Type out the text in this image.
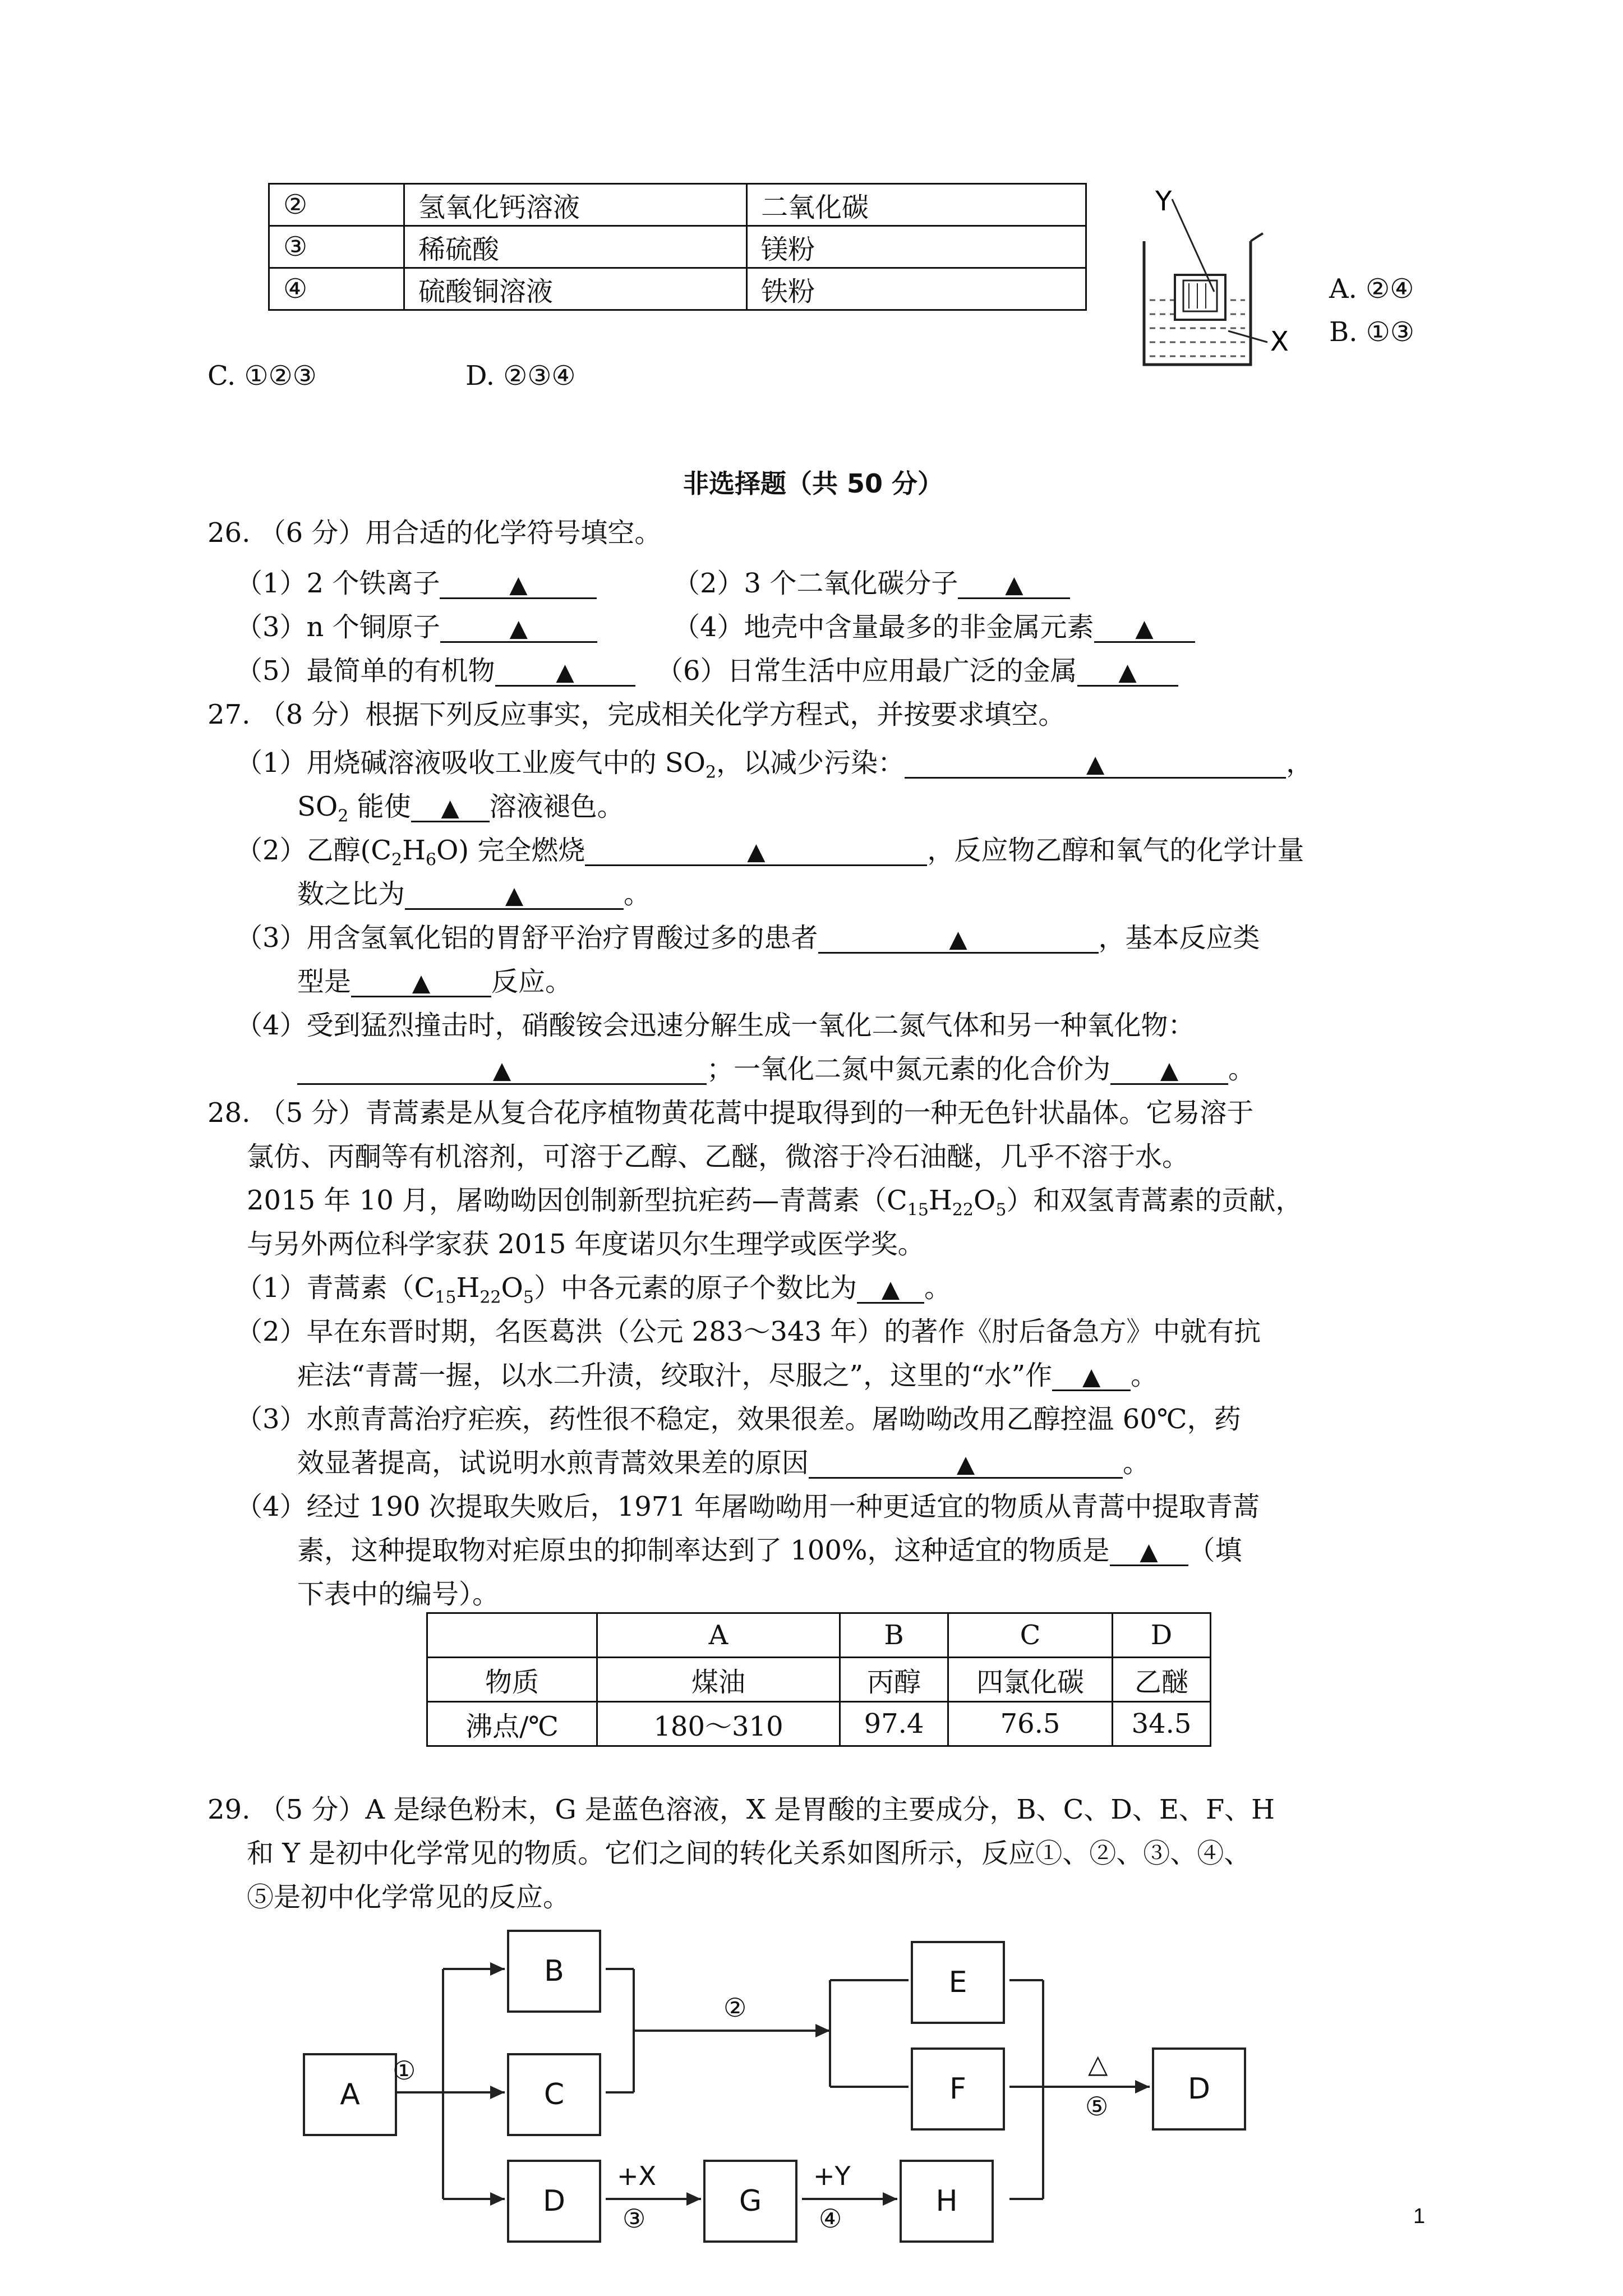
②	氢氧化钙溶液	二氧化碳
③	稀硫酸	镁粉
④	硫酸铜溶液	铁粉
Y
X
A. ②④
B. ①③
C. ①②③	D. ②③④
非选择题（共 50 分）
26. （6 分）用合适的化学符号填空。
（1）2 个铁离子	▲	（2）3 个二氧化碳分子 ▲
（3）n 个铜原子	▲	（4）地壳中含量最多的非金属元素 ▲
（5）最简单的有机物	▲	（6）日常生活中应用最广泛的金属 ▲
27. （8 分）根据下列反应事实，完成相关化学方程式，并按要求填空。
（1）用烧碱溶液吸收工业废气中的 $SO_2$，以减少污染：	▲	，
$SO_2$ 能使 ▲ 溶液褪色。
（2）乙醇$(C_2H_6O)$ 完全燃烧	▲	，反应物乙醇和氧气的化学计量
数之比为	▲	。
（3）用含氢氧化铝的胃舒平治疗胃酸过多的患者	▲	，基本反应类
型是	▲ 反应。
（4）受到猛烈撞击时，硝酸铵会迅速分解生成一氧化二氮气体和另一种氧化物：
▲	；一氧化二氮中氮元素的化合价为 ▲ 。
28. （5 分）青蒿素是从复合花序植物黄花蒿中提取得到的一种无色针状晶体。它易溶于
氯仿、丙酮等有机溶剂，可溶于乙醇、乙醚，微溶于冷石油醚，几乎不溶于水。
2015 年 10 月，屠呦呦因创制新型抗疟药—青蒿素$(C_{15}H_{22}O_5)$和双氢青蒿素的贡献，
与另外两位科学家获 2015 年度诺贝尔生理学或医学奖。
（1）青蒿素$(C_{15}H_{22}O_5)$中各元素的原子个数比为 ▲ 。
（2）早在东晋时期，名医葛洪（公元 283～343 年）的著作《肘后备急方》中就有抗
疟法“青蒿一握，以水二升渍，绞取汁，尽服之”，这里的“水”作 ▲ 。
（3）水煎青蒿治疗疟疾，药性很不稳定，效果很差。屠呦呦改用乙醇控温 60℃，药
效显著提高，试说明水煎青蒿效果差的原因	▲	。
（4）经过 190 次提取失败后，1971 年屠呦呦用一种更适宜的物质从青蒿中提取青蒿
素，这种提取物对疟原虫的抑制率达到了 100%，这种适宜的物质是 ▲ （填
下表中的编号）。
	A	B	C	D
物质	煤油	丙醇	四氯化碳	乙醚
沸点/℃	180～310	97.4	76.5	34.5
29. （5 分）A 是绿色粉末，G 是蓝色溶液，X 是胃酸的主要成分，B、C、D、E、F、H
和 Y 是初中化学常见的物质。它们之间的转化关系如图所示，反应①、②、③、④、
⑤是初中化学常见的反应。
A
B
C
D	G	H
E
F	D
①
②
+X
③
+Y
④
△
⑤
1
